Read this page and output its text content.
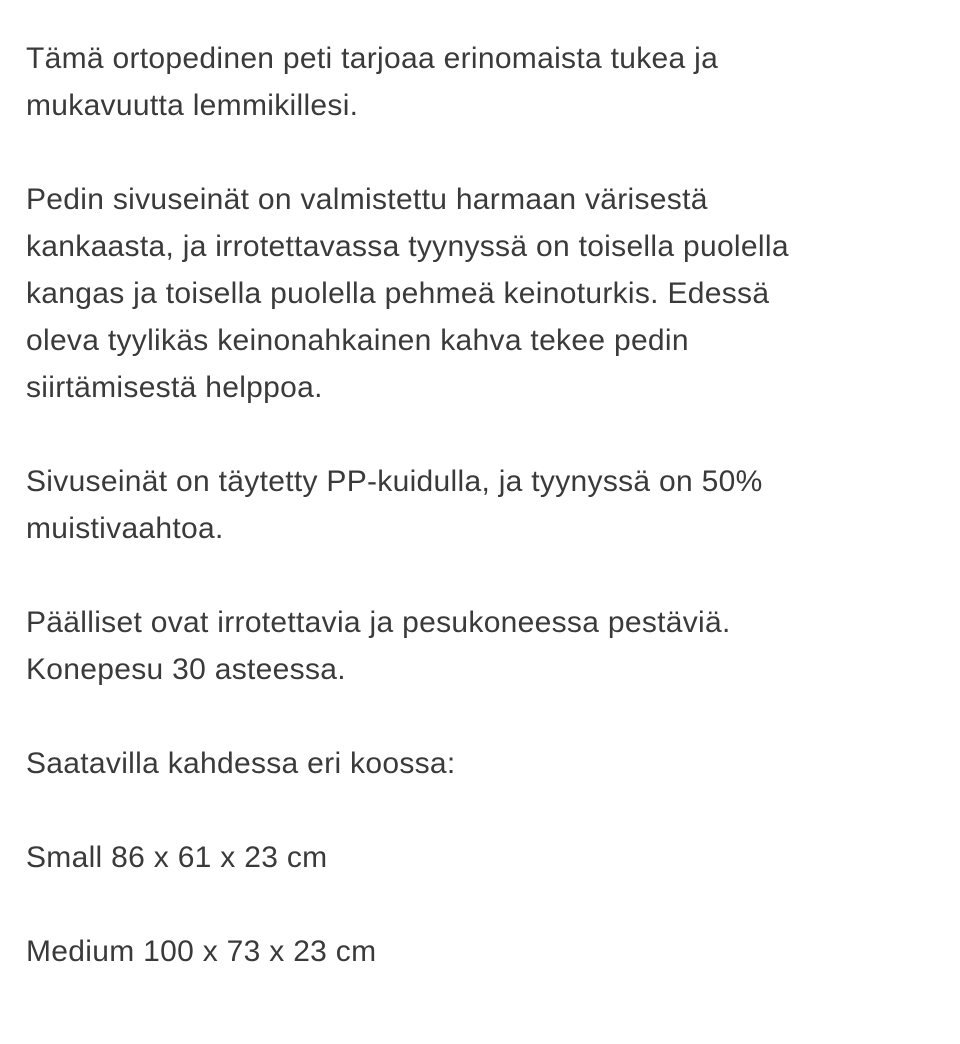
Tämä ortopedinen peti tarjoaa erinomaista tukea ja
mukavuutta lemmikillesi.

Pedin sivuseinät on valmistettu harmaan värisestä
kankaasta, ja irrotettavassa tyynyssä on toisella puolella
kangas ja toisella puolella pehmeä keinoturkis. Edessä
oleva tyylikäs keinonahkainen kahva tekee pedin
siirtämisestä helppoa.

Sivuseinät on täytetty PP-kuidulla, ja tyynyssä on 50%
muistivaahtoa.

Päälliset ovat irrotettavia ja pesukoneessa pestäviä.
Konepesu 30 asteessa.

Saatavilla kahdessa eri koossa:

Small 86 x 61 x 23 cm

Medium 100 x 73 x 23 cm
